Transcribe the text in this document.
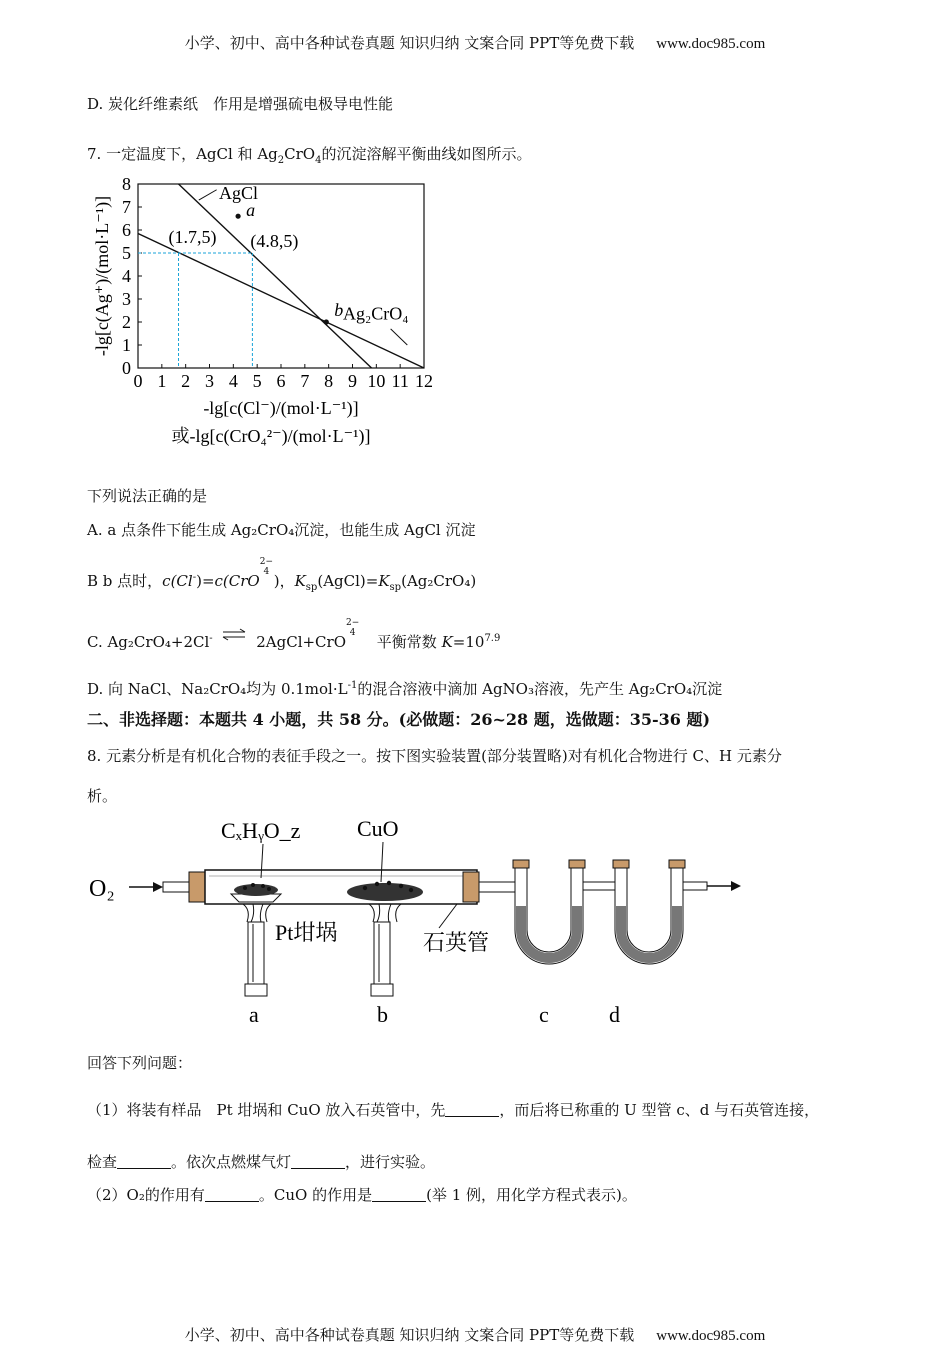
小学、初中、高中各种试卷真题 知识归纳 文案合同 PPT等免费下载 www.doc985.com
D. 炭化纤维素纸　作用是增强硫电极导电性能
7. 一定温度下，AgCl 和 $Ag_2CrO_4$的沉淀溶解平衡曲线如图所示。
0 1 2 3 4 5 6 7 8 9 10 11 12
0
1
2
3
4
5
6
7
8
(1.7,5) (4.8,5)
a
b
AgCl
Ag₂CrO₄
-lg[c(Ag⁺)/(mol·L⁻¹)]
-lg[c(Cl⁻)/(mol·L⁻¹)]
或-lg[c(CrO₄²⁻)/(mol·L⁻¹)]
下列说法正确的是
A. a 点条件下能生成 Ag₂CrO₄沉淀，也能生成 AgCl 沉淀
B b 点时，c(Cl-)=c(CrO
2−
4 )，$K_{sp}(AgCl)=K_{sp}(Ag_2CrO_4)$
C. Ag₂CrO₄+2Cl- ⇌ 2AgCl+CrO
2−
4 平衡常数 $K=10^{7.9}$
D. 向 NaCl、Na₂CrO₄均为 $0.1mol\cdot L^{-1}$的混合溶液中滴加 AgNO₃溶液，先产生 Ag₂CrO₄沉淀
二、非选择题：本题共 4 小题，共 58 分。(必做题：26~28 题，选做题：35-36 题)
8. 元素分析是有机化合物的表征手段之一。按下图实验装置(部分装置略)对有机化合物进行 C、H 元素分
析。
O₂
CₓHᵧO_z	CuO
Pt坩埚	石英管
a	b	c	d
回答下列问题：
（1）将装有样品　Pt 坩埚和 CuO 放入石英管中，先	，而后将已称重的 U 型管 c、d 与石英管连接，
检查	。依次点燃煤气灯	，进行实验。
（2）O₂的作用有	。CuO 的作用是	(举 1 例，用化学方程式表示)。
小学、初中、高中各种试卷真题 知识归纳 文案合同 PPT等免费下载 www.doc985.com
